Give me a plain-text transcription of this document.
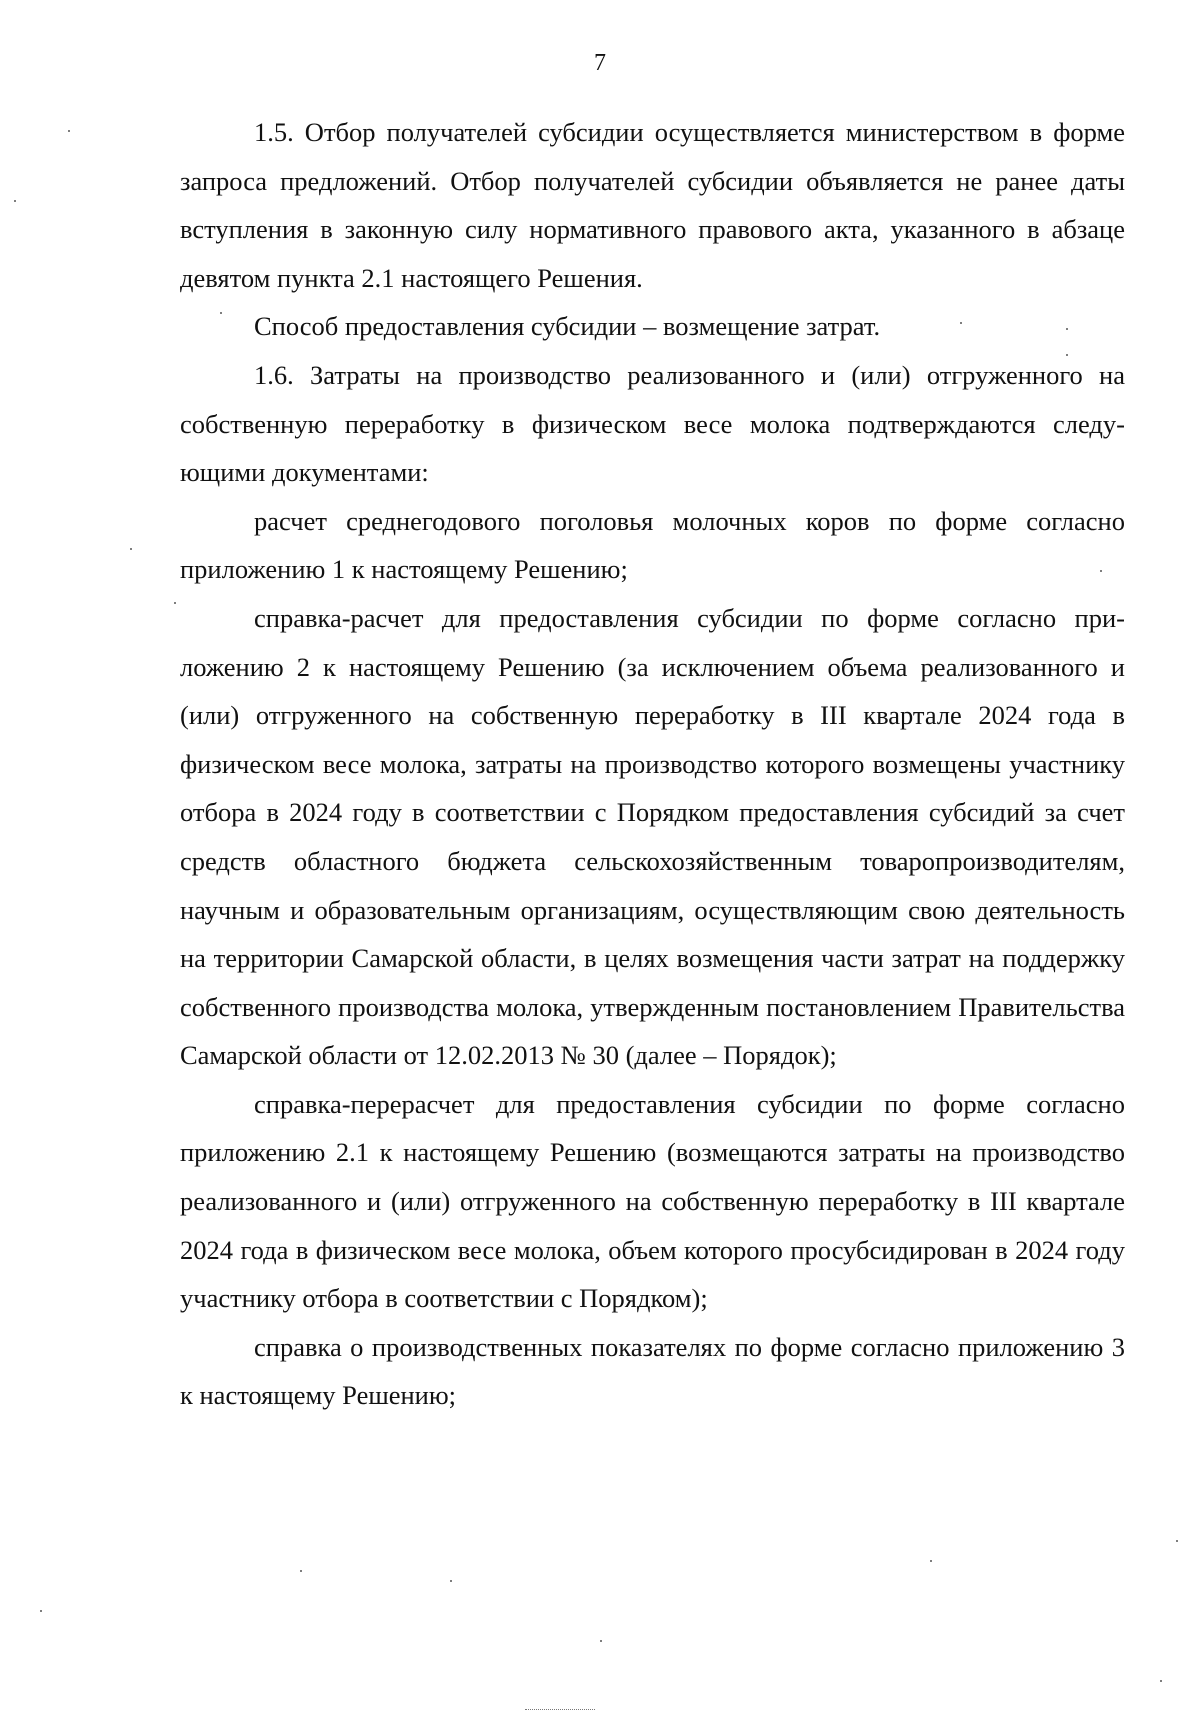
7

1.5. Отбор получателей субсидии осуществляется министерством в форме запроса предложений. Отбор получателей субсидии объявляется не ранее даты вступления в законную силу нормативного правового акта, указанного в абзаце девятом пункта 2.1 настоящего Решения.

Способ предоставления субсидии – возмещение затрат.

1.6. Затраты на производство реализованного и (или) отгруженного на собственную переработку в физическом весе молока подтверждаются следующими документами:

расчет среднегодового поголовья молочных коров по форме согласно приложению 1 к настоящему Решению;

справка-расчет для предоставления субсидии по форме согласно приложению 2 к настоящему Решению (за исключением объема реализованного и (или) отгруженного на собственную переработку в III квартале 2024 года в физическом весе молока, затраты на производство которого возмещены участнику отбора в 2024 году в соответствии с Порядком предоставления субсидий за счет средств областного бюджета сельскохозяйственным товаропроизводителям, научным и образовательным организациям, осуществляющим свою деятельность на территории Самарской области, в целях возмещения части затрат на поддержку собственного производства молока, утвержденным постановлением Правительства Самарской области от 12.02.2013 № 30 (далее – Порядок);

справка-перерасчет для предоставления субсидии по форме согласно приложению 2.1 к настоящему Решению (возмещаются затраты на производство реализованного и (или) отгруженного на собственную переработку в III квартале 2024 года в физическом весе молока, объем которого просубсидирован в 2024 году участнику отбора в соответствии с Порядком);

справка о производственных показателях по форме согласно приложению 3 к настоящему Решению;
